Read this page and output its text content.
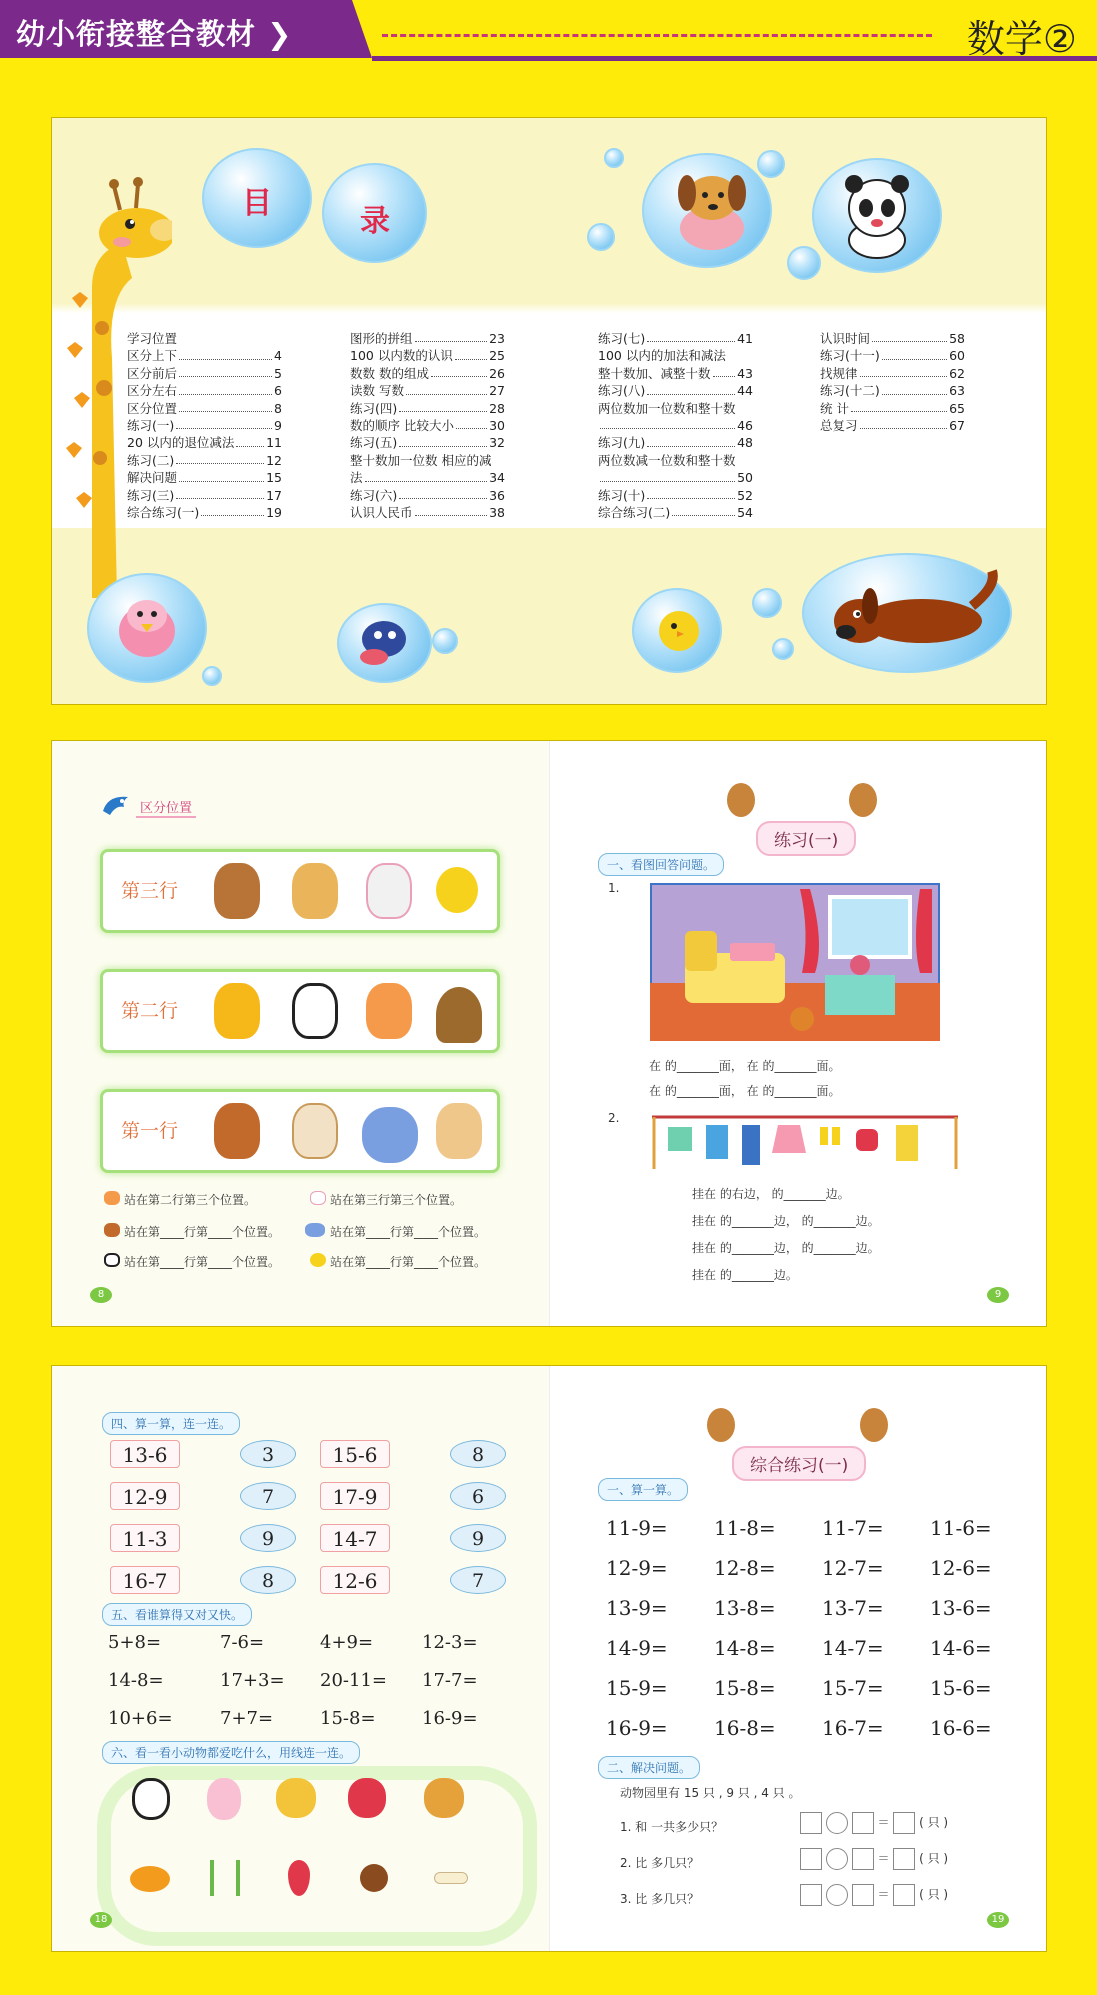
幼小衔接整合教材 ❯	数学②
目
录
学习位置
区分上下	4
区分前后	5
区分左右	6
区分位置	8
练习(一)	9
20 以内的退位减法	11
练习(二)	12
解决问题	15
练习(三)	17
综合练习(一)	19
图形的拼组	23
100 以内数的认识	25
数数 数的组成	26
读数 写数	27
练习(四)	28
数的顺序 比较大小	30
练习(五)	32
整十数加一位数 相应的减
法	34
练习(六)	36
认识人民币	38
练习(七)	41
100 以内的加法和减法
整十数加、减整十数 43
练习(八)	44
两位数加一位数和整十数
46
练习(九)	48
两位数减一位数和整十数
50
练习(十)	52
综合练习(二)	54
认识时间	58
练习(十一)	60
找规律	62
练习(十二)	63
统 计	65
总复习	67
区分位置
第三行
第二行
第一行
站在第二行第三个位置。	站在第三行第三个位置。
站在第____行第____个位置。	站在第____行第____个位置。
站在第____行第____个位置。	站在第____行第____个位置。
8
练习(一)
一、看图回答问题。
1.
在 的_______面， 在 的_______面。
在 的_______面， 在 的_______面。
2.
挂在 的右边， 的_______边。
挂在 的_______边， 的_______边。
挂在 的_______边， 的_______边。
挂在 的_______边。
9
四、算一算，连一连。
13-6	3
12-9	7
11-3	9
16-7	8
15-6	8
17-9	6
14-7	9
12-6	7
五、看谁算得又对又快。
5+8=	7-6=	4+9=	12-3=
14-8=	17+3= 20-11= 17-7=
10+6=	7+7=	15-8=	16-9=
六、看一看小动物都爱吃什么，用线连一连。
18
综合练习(一)
一、算一算。
11-9= 11-8= 11-7= 11-6=
12-9= 12-8= 12-7= 12-6=
13-9= 13-8= 13-7= 13-6=
14-9= 14-8= 14-7= 14-6=
15-9= 15-8= 15-7= 15-6=
16-9= 16-8= 16-7= 16-6=
二、解决问题。
动物园里有 15 只 , 9 只 , 4 只 。
1. 和 一共多少只？	＝  ( 只 )
2. 比 多几只？	＝  ( 只 )
3. 比 多几只？	＝  ( 只 )
19
